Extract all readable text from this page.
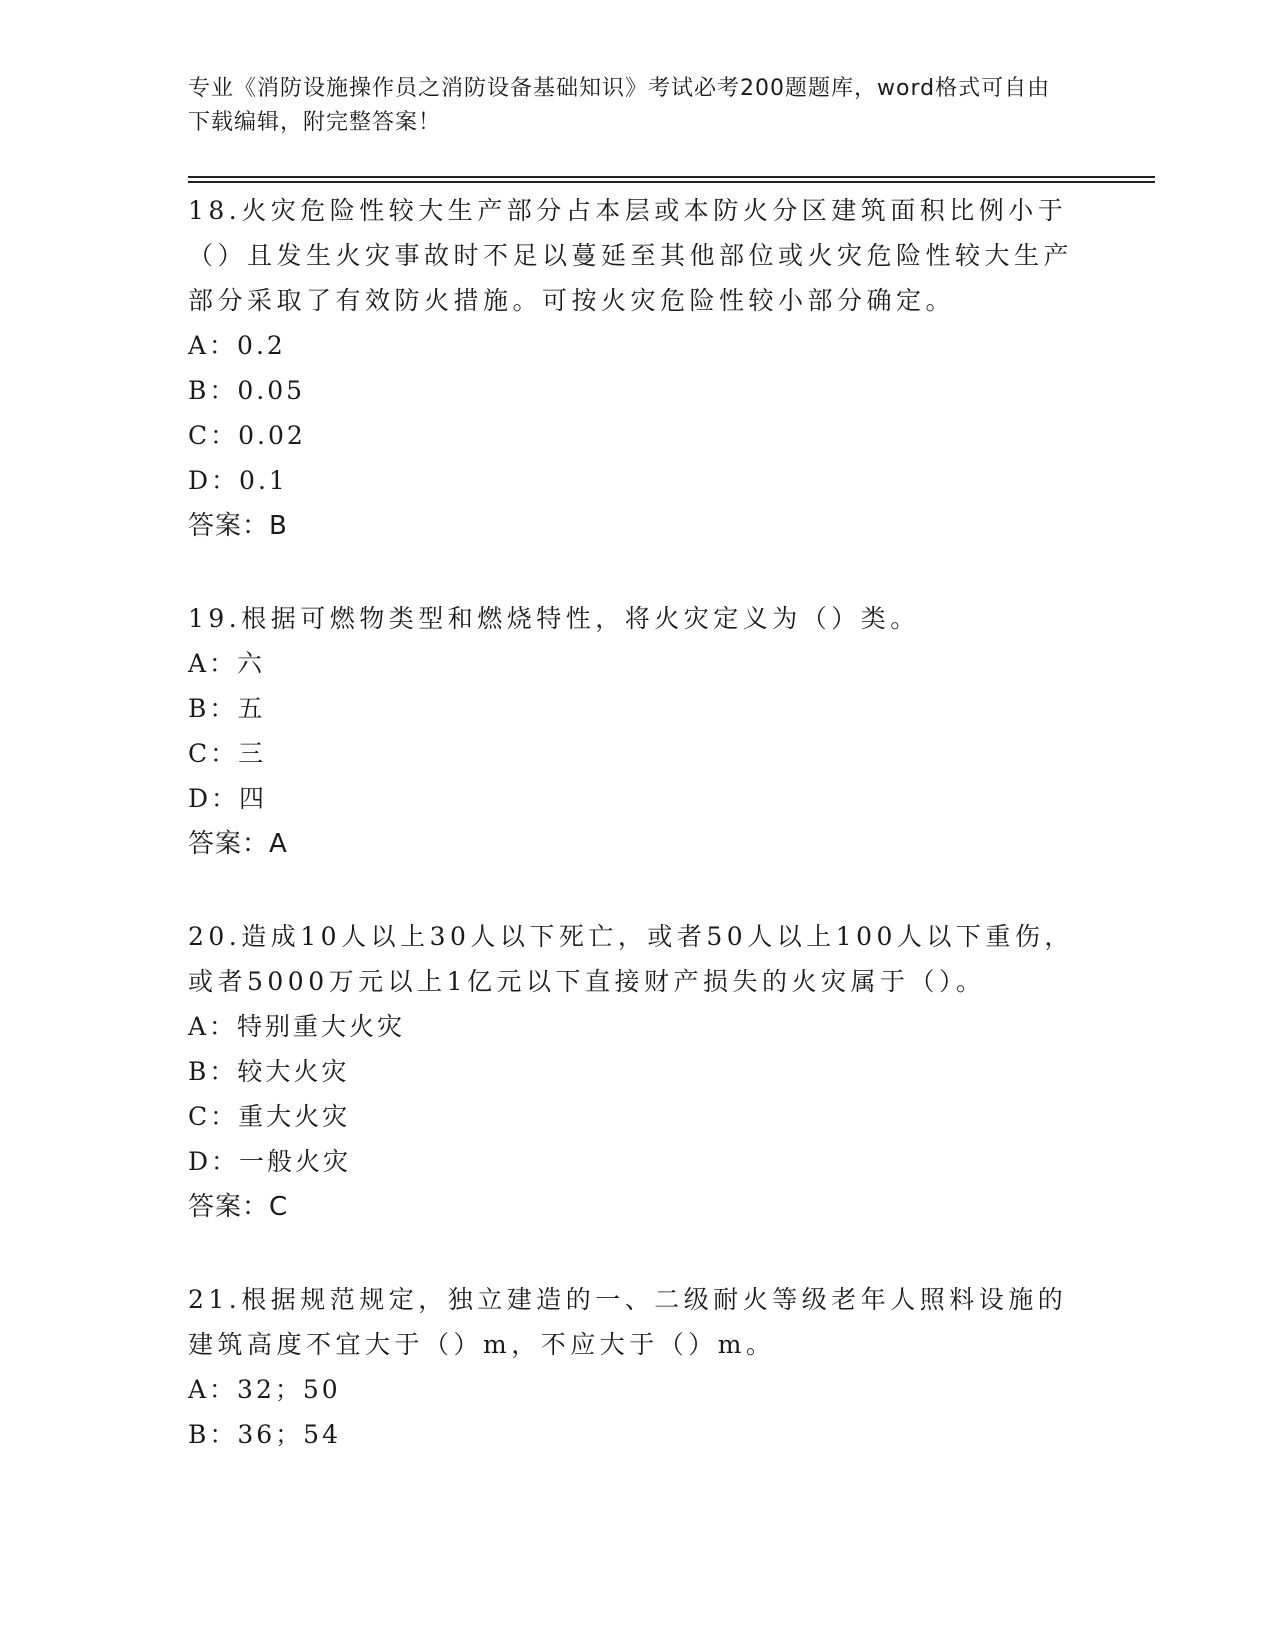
专业《消防设施操作员之消防设备基础知识》考试必考200题题库，word格式可自由下载编辑，附完整答案！
18.火灾危险性较大生产部分占本层或本防火分区建筑面积比例小于（）且发生火灾事故时不足以蔓延至其他部位或火灾危险性较大生产部分采取了有效防火措施。可按火灾危险性较小部分确定。
A：0.2
B：0.05
C：0.02
D：0.1
答案：B
19.根据可燃物类型和燃烧特性，将火灾定义为（）类。
A：六
B：五
C：三
D：四
答案：A
20.造成10人以上30人以下死亡，或者50人以上100人以下重伤，或者5000万元以上1亿元以下直接财产损失的火灾属于（）。
A：特别重大火灾
B：较大火灾
C：重大火灾
D：一般火灾
答案：C
21.根据规范规定，独立建造的一、二级耐火等级老年人照料设施的建筑高度不宜大于（）m，不应大于（）m。
A：32；50
B：36；54
